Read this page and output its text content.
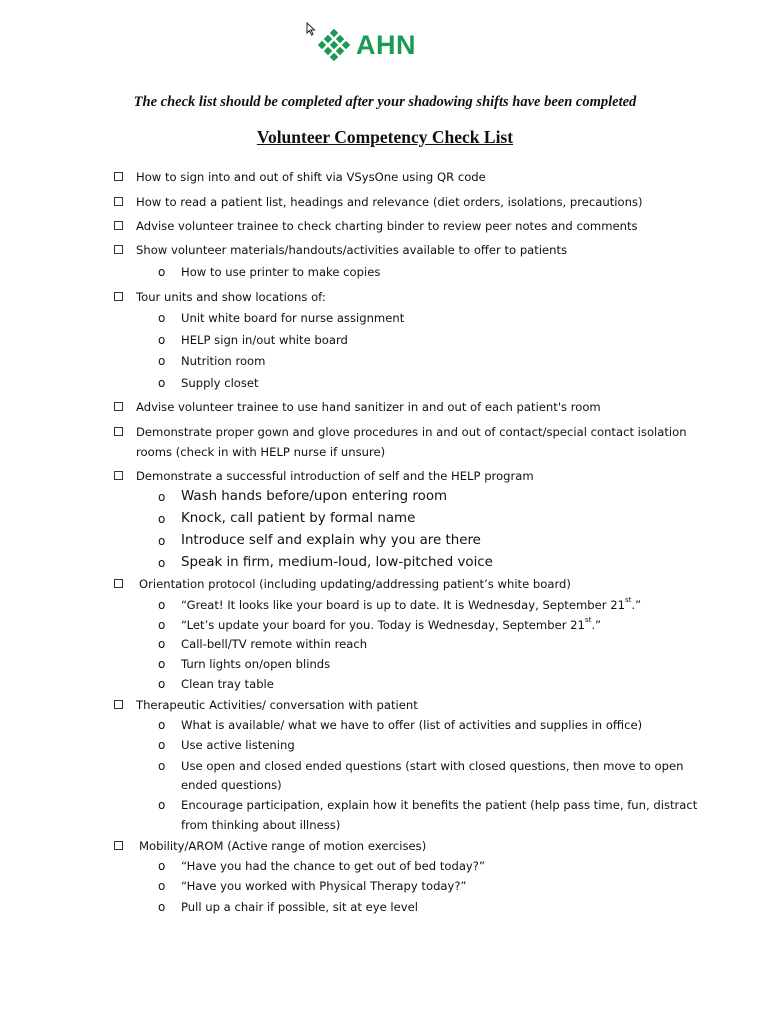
AHN
The check list should be completed after your shadowing shifts have been completed
Volunteer Competency Check List
How to sign into and out of shift via VSysOne using QR code
How to read a patient list, headings and relevance (diet orders, isolations, precautions)
Advise volunteer trainee to check charting binder to review peer notes and comments
Show volunteer materials/handouts/activities available to offer to patients
o How to use printer to make copies
Tour units and show locations of:
o Unit white board for nurse assignment
o HELP sign in/out white board
o Nutrition room
o Supply closet
Advise volunteer trainee to use hand sanitizer in and out of each patient's room
Demonstrate proper gown and glove procedures in and out of contact/special contact isolation
rooms (check in with HELP nurse if unsure)
Demonstrate a successful introduction of self and the HELP program
o Wash hands before/upon entering room
o Knock, call patient by formal name
o Introduce self and explain why you are there
o Speak in firm, medium-loud, low-pitched voice
Orientation protocol (including updating/addressing patient’s white board)
o “Great! It looks like your board is up to date. It is Wednesday, September 21st.”
o “Let’s update your board for you. Today is Wednesday, September 21st.”
o Call-bell/TV remote within reach
o Turn lights on/open blinds
o Clean tray table
Therapeutic Activities/ conversation with patient
o What is available/ what we have to offer (list of activities and supplies in office)
o Use active listening
o Use open and closed ended questions (start with closed questions, then move to open
ended questions)
o Encourage participation, explain how it benefits the patient (help pass time, fun, distract
from thinking about illness)
Mobility/AROM (Active range of motion exercises)
o “Have you had the chance to get out of bed today?”
o “Have you worked with Physical Therapy today?”
o Pull up a chair if possible, sit at eye level
